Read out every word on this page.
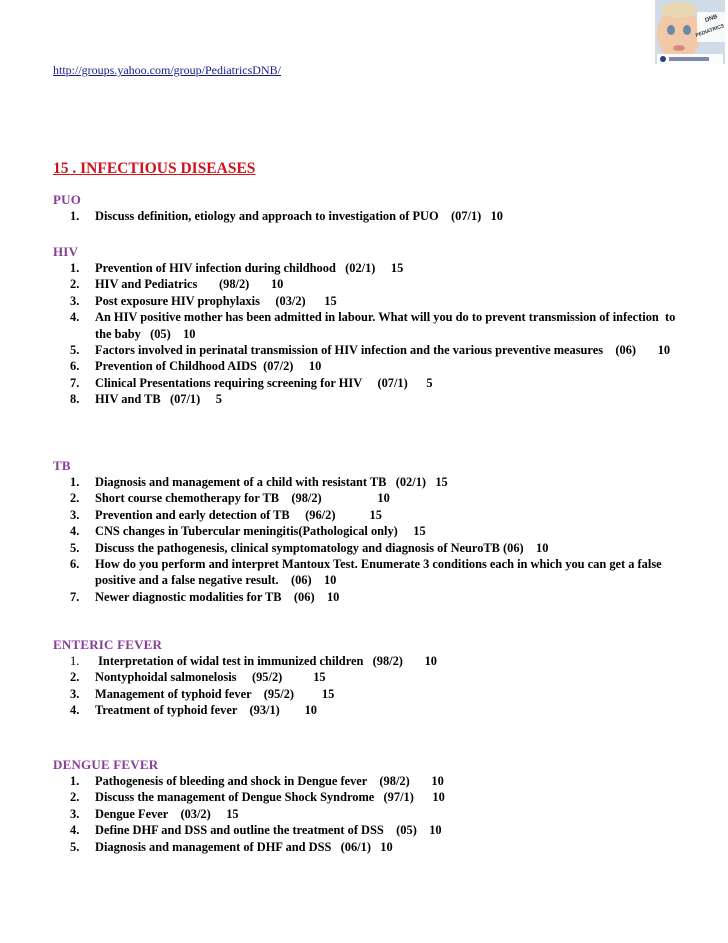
DNB
PEDIATRICS
http://groups.yahoo.com/group/PediatricsDNB/
15 . INFECTIOUS DISEASES
PUO
1. Discuss definition, etiology and approach to investigation of PUO    (07/1)   10
HIV
1. Prevention of HIV infection during childhood   (02/1)     15
2. HIV and Pediatrics       (98/2)       10
3. Post exposure HIV prophylaxis     (03/2)      15
4. An HIV positive mother has been admitted in labour. What will you do to prevent transmission of infection  to the baby   (05)    10
5. Factors involved in perinatal transmission of HIV infection and the various preventive measures    (06)       10
6. Prevention of Childhood AIDS  (07/2)     10
7. Clinical Presentations requiring screening for HIV     (07/1)      5
8. HIV and TB   (07/1)     5
TB
1. Diagnosis and management of a child with resistant TB   (02/1)   15
2. Short course chemotherapy for TB    (98/2)                  10
3. Prevention and early detection of TB     (96/2)           15
4. CNS changes in Tubercular meningitis(Pathological only)     15
5. Discuss the pathogenesis, clinical symptomatology and diagnosis of NeuroTB (06)    10
6. How do you perform and interpret Mantoux Test. Enumerate 3 conditions each in which you can get a false positive and a false negative result.    (06)    10
7. Newer diagnostic modalities for TB    (06)    10
ENTERIC FEVER
1. Interpretation of widal test in immunized children   (98/2)       10
2. Nontyphoidal salmonelosis     (95/2)          15
3. Management of typhoid fever    (95/2)         15
4. Treatment of typhoid fever    (93/1)        10
DENGUE FEVER
1. Pathogenesis of bleeding and shock in Dengue fever    (98/2)       10
2. Discuss the management of Dengue Shock Syndrome   (97/1)      10
3. Dengue Fever    (03/2)     15
4. Define DHF and DSS and outline the treatment of DSS    (05)    10
5. Diagnosis and management of DHF and DSS   (06/1)   10
